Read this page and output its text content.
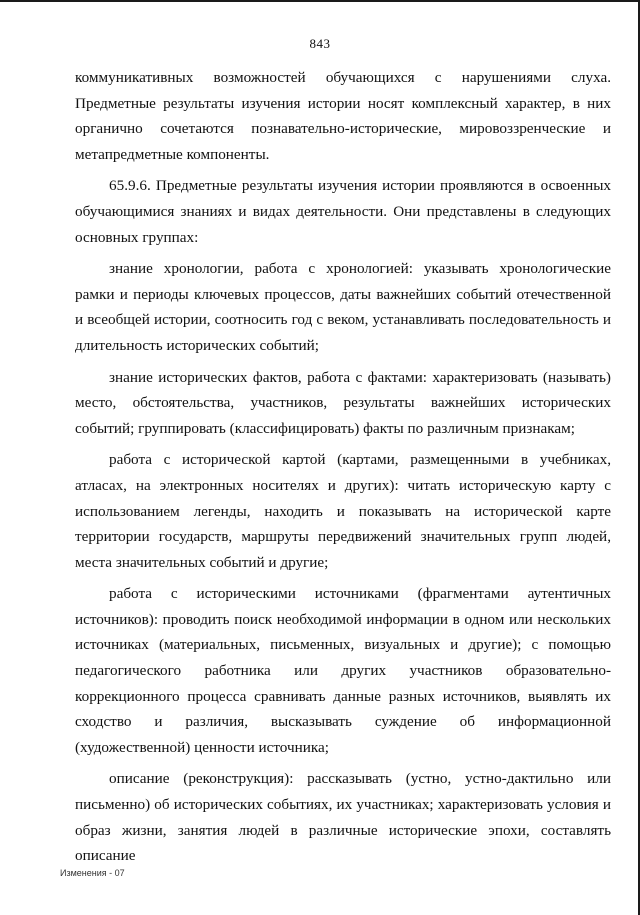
843

коммуникативных возможностей обучающихся с нарушениями слуха. Предметные результаты изучения истории носят комплексный характер, в них органично сочетаются познавательно-исторические, мировоззренческие и метапредметные компоненты.

65.9.6. Предметные результаты изучения истории проявляются в освоенных обучающимися знаниях и видах деятельности. Они представлены в следующих основных группах:

знание хронологии, работа с хронологией: указывать хронологические рамки и периоды ключевых процессов, даты важнейших событий отечественной и всеобщей истории, соотносить год с веком, устанавливать последовательность и длительность исторических событий;

знание исторических фактов, работа с фактами: характеризовать (называть) место, обстоятельства, участников, результаты важнейших исторических событий; группировать (классифицировать) факты по различным признакам;

работа с исторической картой (картами, размещенными в учебниках, атласах, на электронных носителях и других): читать историческую карту с использованием легенды, находить и показывать на исторической карте территории государств, маршруты передвижений значительных групп людей, места значительных событий и другие;

работа с историческими источниками (фрагментами аутентичных источников): проводить поиск необходимой информации в одном или нескольких источниках (материальных, письменных, визуальных и другие); с помощью педагогического работника или других участников образовательно-коррекционного процесса сравнивать данные разных источников, выявлять их сходство и различия, высказывать суждение об информационной (художественной) ценности источника;

описание (реконструкция): рассказывать (устно, устно-дактильно или письменно) об исторических событиях, их участниках; характеризовать условия и образ жизни, занятия людей в различные исторические эпохи, составлять описание

Изменения - 07
